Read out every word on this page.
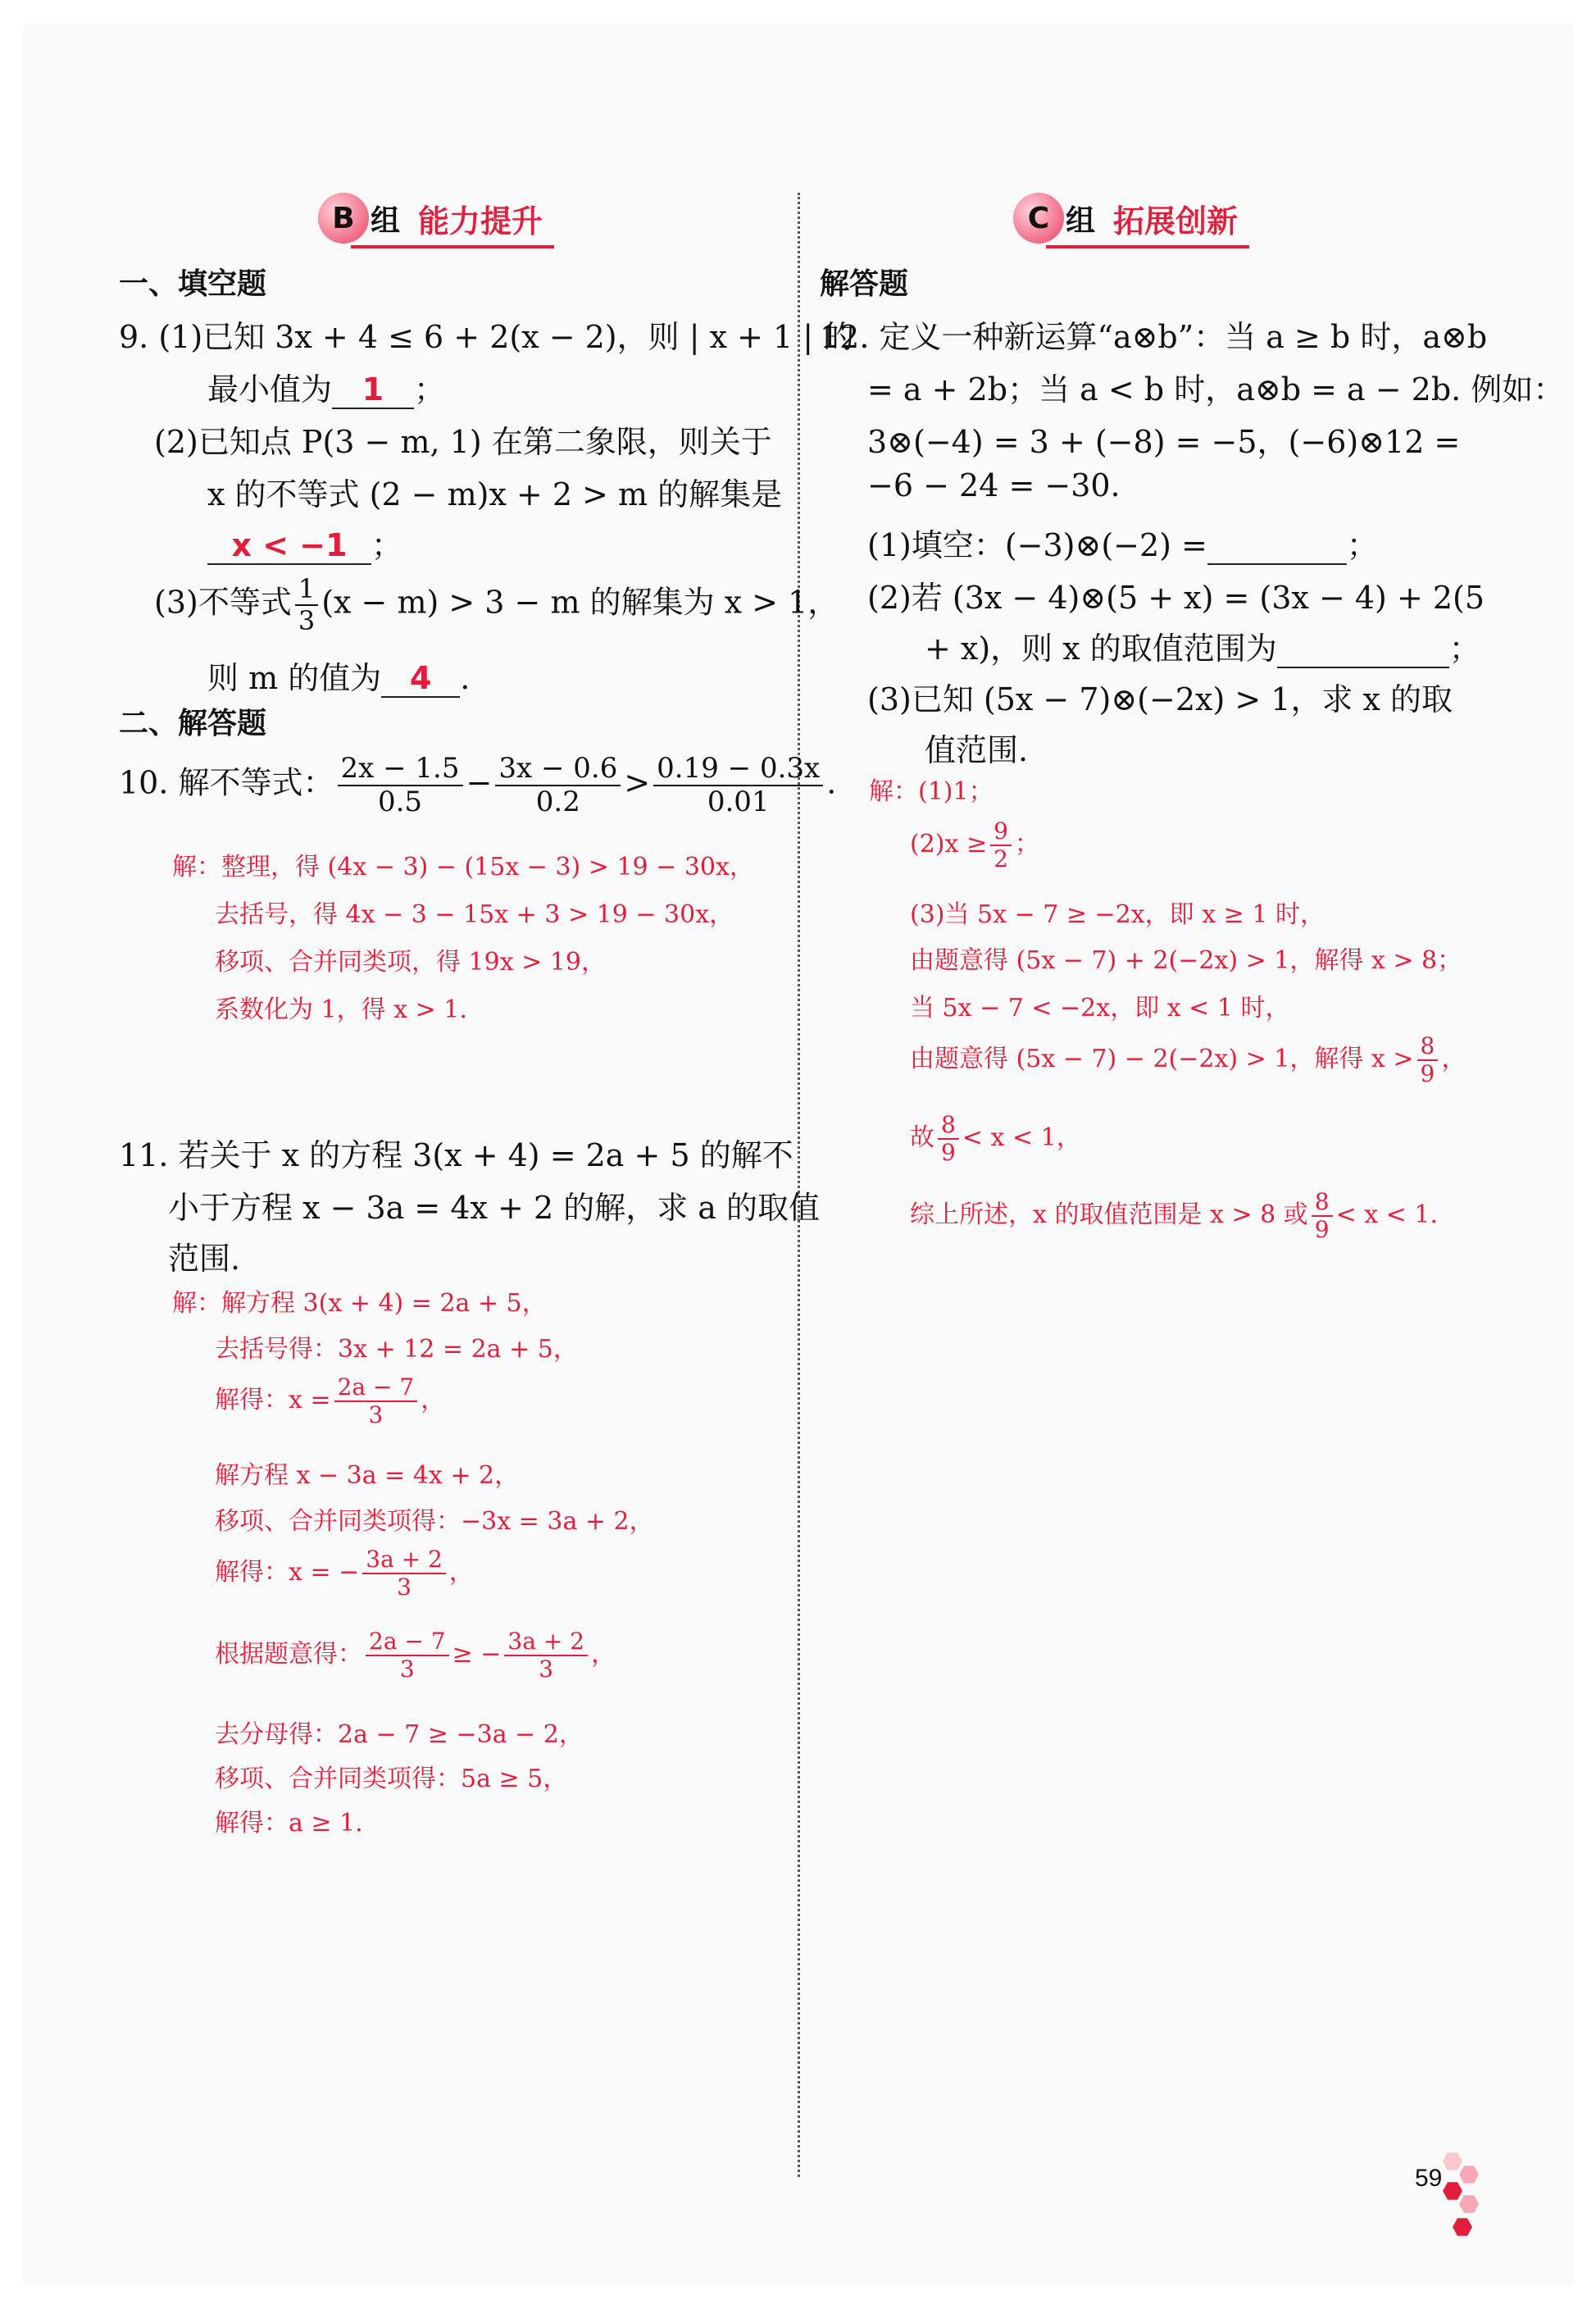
B 组 能力提升
一、填空题
9. (1)已知 3x + 4 ≤ 6 + 2(x − 2)，则 | x + 1 | 的
最小值为 1 ；
(2)已知点 P(3 − m, 1) 在第二象限，则关于
x 的不等式 (2 − m)x + 2 > m 的解集是
x < −1 ；
(3)不等式 $\frac{1}{3} (x - m) > 3 - m$ 的解集为 x > 1，
则 m 的值为 4 .
二、解答题
10. 解不等式： $\frac{2x - 1.5}{0.5} - \frac{3x - 0.6}{0.2} > \frac{0.19 - 0.3x}{0.01}$ .
解：整理，得 (4x − 3) − (15x − 3) > 19 − 30x，
去括号，得 4x − 3 − 15x + 3 > 19 − 30x，
移项、合并同类项，得 19x > 19，
系数化为 1，得 x > 1.
11. 若关于 x 的方程 3(x + 4) = 2a + 5 的解不
小于方程 x − 3a = 4x + 2 的解，求 a 的取值
范围.
解：解方程 3(x + 4) = 2a + 5，
去括号得：3x + 12 = 2a + 5，
解得：$x = \frac{2a - 7}{3}$ ，
解方程 x − 3a = 4x + 2，
移项、合并同类项得：−3x = 3a + 2，
解得：x = − $\frac{3a + 2}{3}$ ，
根据题意得： $\frac{2a - 7}{3}$ ≥ − $\frac{3a + 2}{3}$ ，
去分母得：2a − 7 ≥ −3a − 2，
移项、合并同类项得：5a ≥ 5，
解得：a ≥ 1.
C 组 拓展创新
解答题
12. 定义一种新运算“a⊗b”：当 a ≥ b 时，a⊗b
= a + 2b；当 a < b 时，a⊗b = a − 2b. 例如：
3⊗(−4) = 3 + (−8) = −5，(−6)⊗12 =
−6 − 24 = −30.
(1)填空：(−3)⊗(−2) =	；
(2)若 (3x − 4)⊗(5 + x) = (3x − 4) + 2(5
+ x)，则 x 的取值范围为	；
(3)已知 (5x − 7)⊗(−2x) > 1，求 x 的取
值范围.
解：(1)1；
$(2)x \ge \frac{9}{2}$ ；
(3)当 5x − 7 ≥ −2x，即 x ≥ 1 时，
由题意得 (5x − 7) + 2(−2x) > 1，解得 x > 8；
当 5x − 7 < −2x，即 x < 1 时，
由题意得 (5x − 7) − 2(−2x) > 1，解得 $x > \frac{8}{9}$ ，
故 $\frac{8}{9} < x < 1$，
综上所述，x 的取值范围是 x > 8 或 $\frac{8}{9} < x < 1$.
59
